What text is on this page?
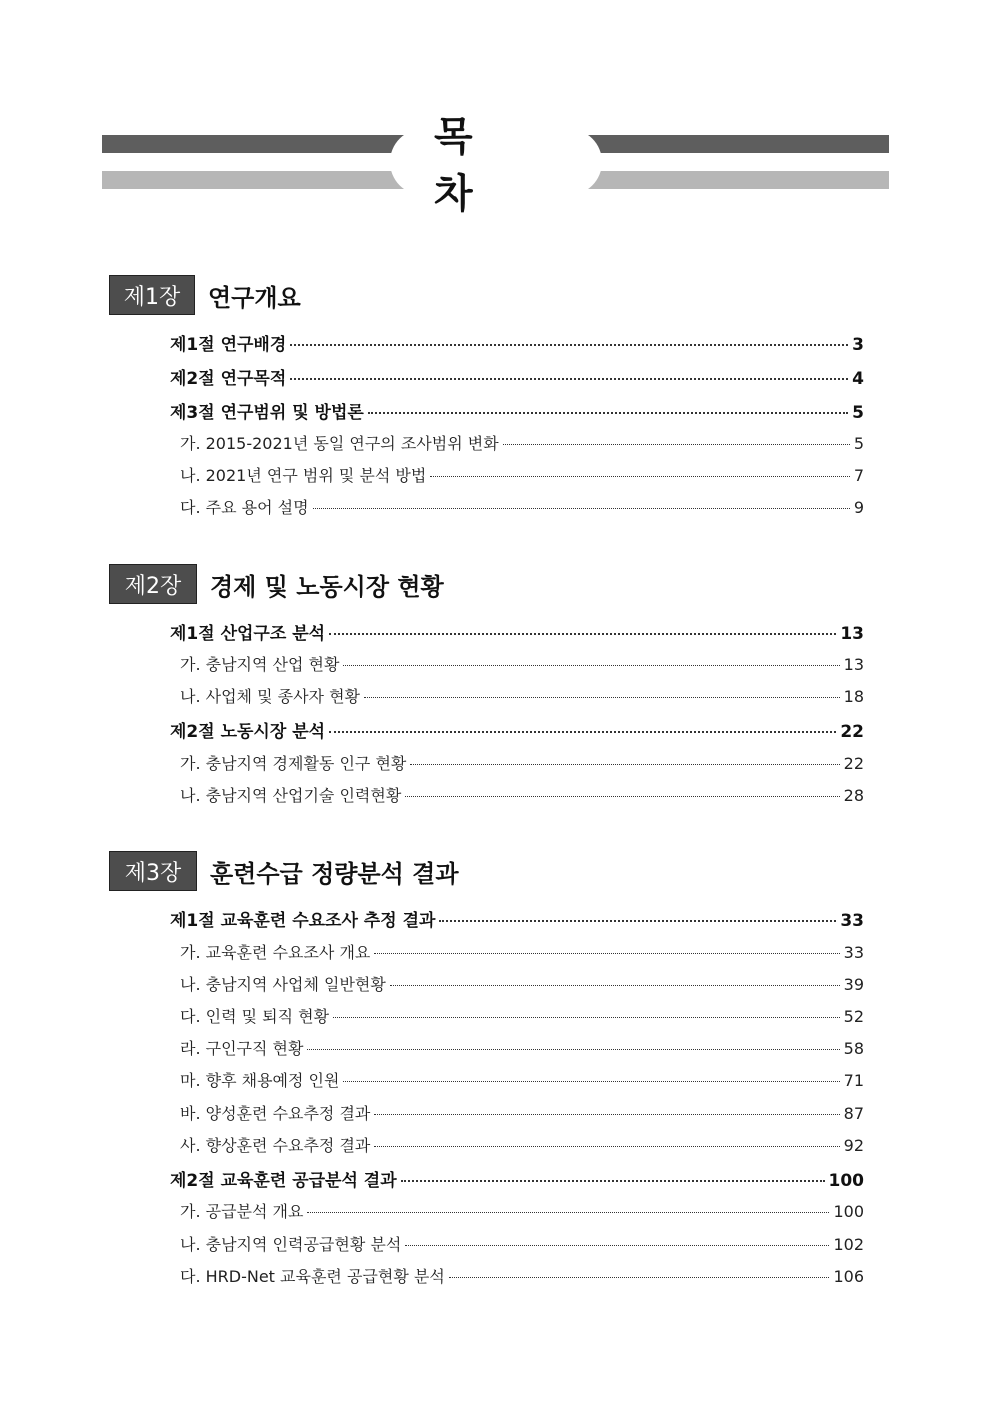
목 차
제1장	연구개요
제1절 연구배경	3
제2절 연구목적	4
제3절 연구범위 및 방법론	5
가. 2015-2021년 동일 연구의 조사범위 변화	5
나. 2021년 연구 범위 및 분석 방법	7
다. 주요 용어 설명	9
제2장	경제 및 노동시장 현황
제1절 산업구조 분석	13
가. 충남지역 산업 현황	13
나. 사업체 및 종사자 현황	18
제2절 노동시장 분석	22
가. 충남지역 경제활동 인구 현황	22
나. 충남지역 산업기술 인력현황	28
제3장	훈련수급 정량분석 결과
제1절 교육훈련 수요조사 추정 결과	33
가. 교육훈련 수요조사 개요	33
나. 충남지역 사업체 일반현황	39
다. 인력 및 퇴직 현황	52
라. 구인구직 현황	58
마. 향후 채용예정 인원	71
바. 양성훈련 수요추정 결과	87
사. 향상훈련 수요추정 결과	92
제2절 교육훈련 공급분석 결과	100
가. 공급분석 개요	100
나. 충남지역 인력공급현황 분석	102
다. HRD-Net 교육훈련 공급현황 분석	106
